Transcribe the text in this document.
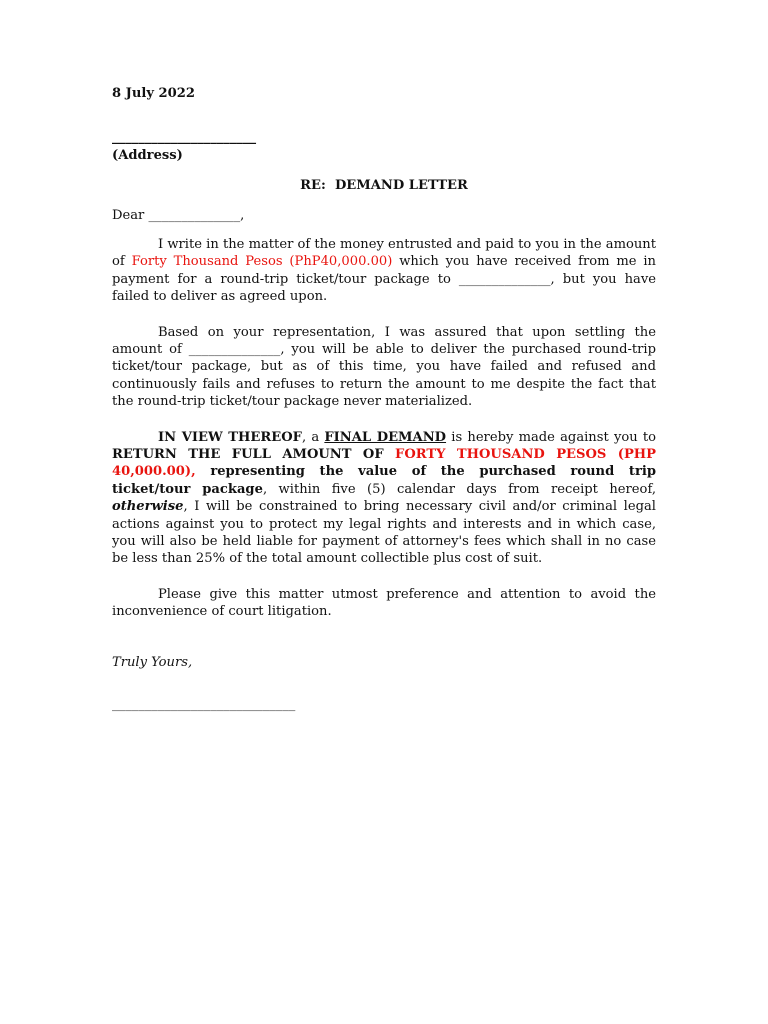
8 July 2022
______________________
(Address)
RE: DEMAND LETTER
Dear ______________,

I write in the matter of the money entrusted and paid to you in the amount of Forty Thousand Pesos (PhP40,000.00) which you have received from me in payment for a round-trip ticket/tour package to ______________, but you have failed to deliver as agreed upon.

Based on your representation, I was assured that upon settling the amount of ______________, you will be able to deliver the purchased round-trip ticket/tour package, but as of this time, you have failed and refused and continuously fails and refuses to return the amount to me despite the fact that the round-trip ticket/tour package never materialized.

IN VIEW THEREOF, a FINAL DEMAND is hereby made against you to RETURN THE FULL AMOUNT OF FORTY THOUSAND PESOS (PHP 40,000.00), representing the value of the purchased round trip ticket/tour package, within five (5) calendar days from receipt hereof, otherwise, I will be constrained to bring necessary civil and/or criminal legal actions against you to protect my legal rights and interests and in which case, you will also be held liable for payment of attorney's fees which shall in no case be less than 25% of the total amount collectible plus cost of suit.

Please give this matter utmost preference and attention to avoid the inconvenience of court litigation.

Truly Yours,
____________________________
